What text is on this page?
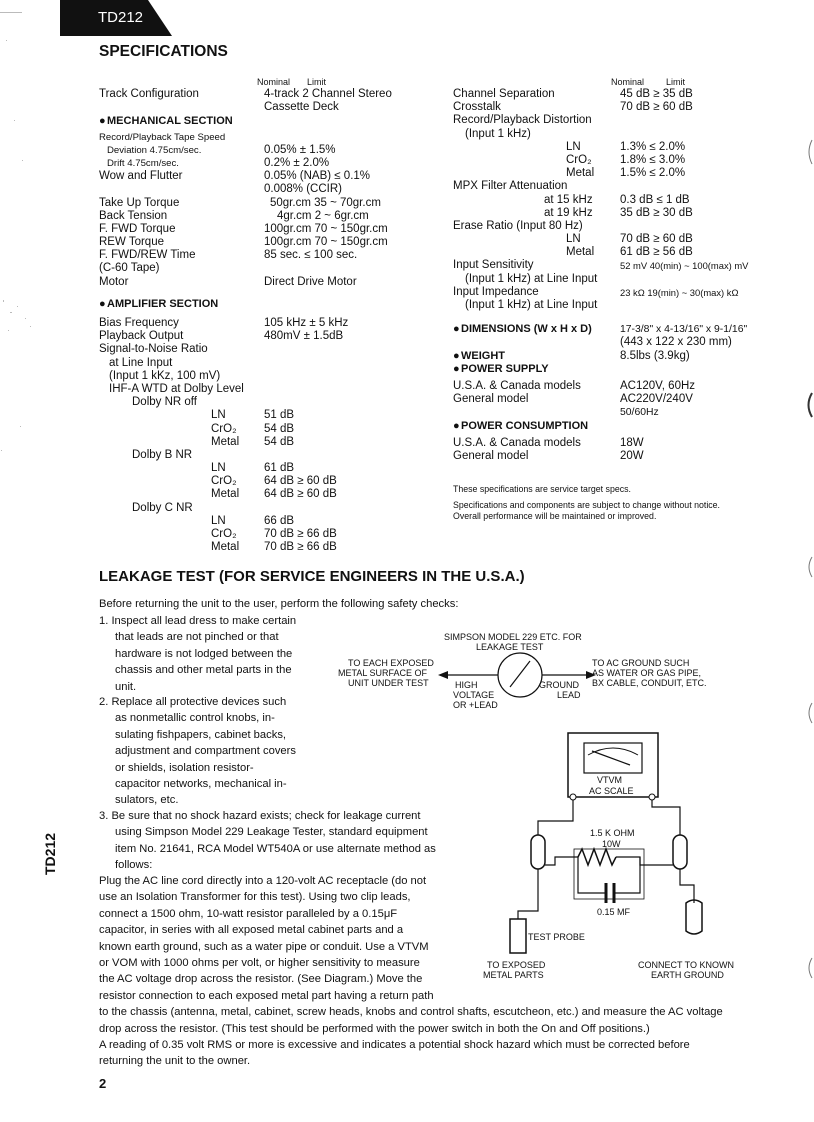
TD212
SPECIFICATIONS
TD212
Nominal Limit
Track Configuration	4-track 2 Channel Stereo
Cassette Deck
● MECHANICAL SECTION
Record/Playback Tape Speed
Deviation 4.75cm/sec.	0.05% ± 1.5%
Drift 4.75cm/sec.	0.2% ± 2.0%
Wow and Flutter	0.05% (NAB) ≤ 0.1%
0.008% (CCIR)
Take Up Torque	50gr.cm 35 ~ 70gr.cm
Back Tension	4gr.cm 2 ~ 6gr.cm
F. FWD Torque	100gr.cm 70 ~ 150gr.cm
REW Torque	100gr.cm 70 ~ 150gr.cm
F. FWD/REW Time	85 sec. ≤ 100 sec.
(C-60 Tape)
Motor	Direct Drive Motor
● AMPLIFIER SECTION
Bias Frequency	105 kHz ± 5 kHz
Playback Output	480mV ± 1.5dB
Signal-to-Noise Ratio
at Line Input
(Input 1 kKz, 100 mV)
IHF-A WTD at Dolby Level
Dolby NR off
LN	51 dB
CrO₂ 54 dB
Metal 54 dB
Dolby B NR
LN	61 dB
CrO₂ 64 dB ≥ 60 dB
Metal 64 dB ≥ 60 dB
Dolby C NR
LN	66 dB
CrO₂ 70 dB ≥ 66 dB
Metal 70 dB ≥ 66 dB
Nominal Limit
Channel Separation	45 dB ≥ 35 dB
Crosstalk	70 dB ≥ 60 dB
Record/Playback Distortion
(Input 1 kHz)
LN	1.3% ≤ 2.0%
CrO₂ 1.8% ≤ 3.0%
Metal 1.5% ≤ 2.0%
MPX Filter Attenuation
at 15 kHz 0.3 dB ≤ 1 dB
at 19 kHz 35 dB ≥ 30 dB
Erase Ratio (Input 80 Hz)
LN	70 dB ≥ 60 dB
Metal 61 dB ≥ 56 dB
Input Sensitivity	52 mV 40(min) ~ 100(max) mV
(Input 1 kHz) at Line Input
Input Impedance	23 kΩ 19(min) ~ 30(max) kΩ
(Input 1 kHz) at Line Input
● DIMENSIONS (W x H x D)	17-3/8" x 4-13/16" x 9-1/16"
(443 x 122 x 230 mm)
● WEIGHT	8.5lbs (3.9kg)
● POWER SUPPLY
U.S.A. & Canada models	AC120V, 60Hz
General model	AC220V/240V
50/60Hz
● POWER CONSUMPTION
U.S.A. & Canada models	18W
General model	20W
These specifications are service target specs.
Specifications and components are subject to change without notice.
Overall performance will be maintained or improved.
LEAKAGE TEST (FOR SERVICE ENGINEERS IN THE U.S.A.)
Before returning the unit to the user, perform the following safety checks:
1. Inspect all lead dress to make certain
that leads are not pinched or that
hardware is not lodged between the
chassis and other metal parts in the
unit.
2. Replace all protective devices such
as nonmetallic control knobs, in-
sulating fishpapers, cabinet backs,
adjustment and compartment covers
or shields, isolation resistor-
capacitor networks, mechanical in-
sulators, etc.
3. Be sure that no shock hazard exists; check for leakage current
using Simpson Model 229 Leakage Tester, standard equipment
item No. 21641, RCA Model WT540A or use alternate method as
follows:
Plug the AC line cord directly into a 120-volt AC receptacle (do not
use an Isolation Transformer for this test). Using two clip leads,
connect a 1500 ohm, 10-watt resistor paralleled by a 0.15μF
capacitor, in series with all exposed metal cabinet parts and a
known earth ground, such as a water pipe or conduit. Use a VTVM
or VOM with 1000 ohms per volt, or higher sensitivity to measure
the AC voltage drop across the resistor. (See Diagram.) Move the
resistor connection to each exposed metal part having a return path
to the chassis (antenna, metal, cabinet, screw heads, knobs and control shafts, escutcheon, etc.) and measure the AC voltage
drop across the resistor. (This test should be performed with the power switch in both the On and Off positions.)
A reading of 0.35 volt RMS or more is excessive and indicates a potential shock hazard which must be corrected before
returning the unit to the owner.
SIMPSON MODEL 229 ETC. FOR
LEAKAGE TEST
TO EACH EXPOSED
METAL SURFACE OF
UNIT UNDER TEST
TO AC GROUND SUCH
AS WATER OR GAS PIPE,
BX CABLE, CONDUIT, ETC.
HIGH
VOLTAGE
OR +LEAD
GROUND
LEAD
VTVM
AC SCALE
1.5 K OHM
10W
0.15 MF
TEST PROBE
TO EXPOSED
METAL PARTS
CONNECT TO KNOWN
EARTH GROUND
2
